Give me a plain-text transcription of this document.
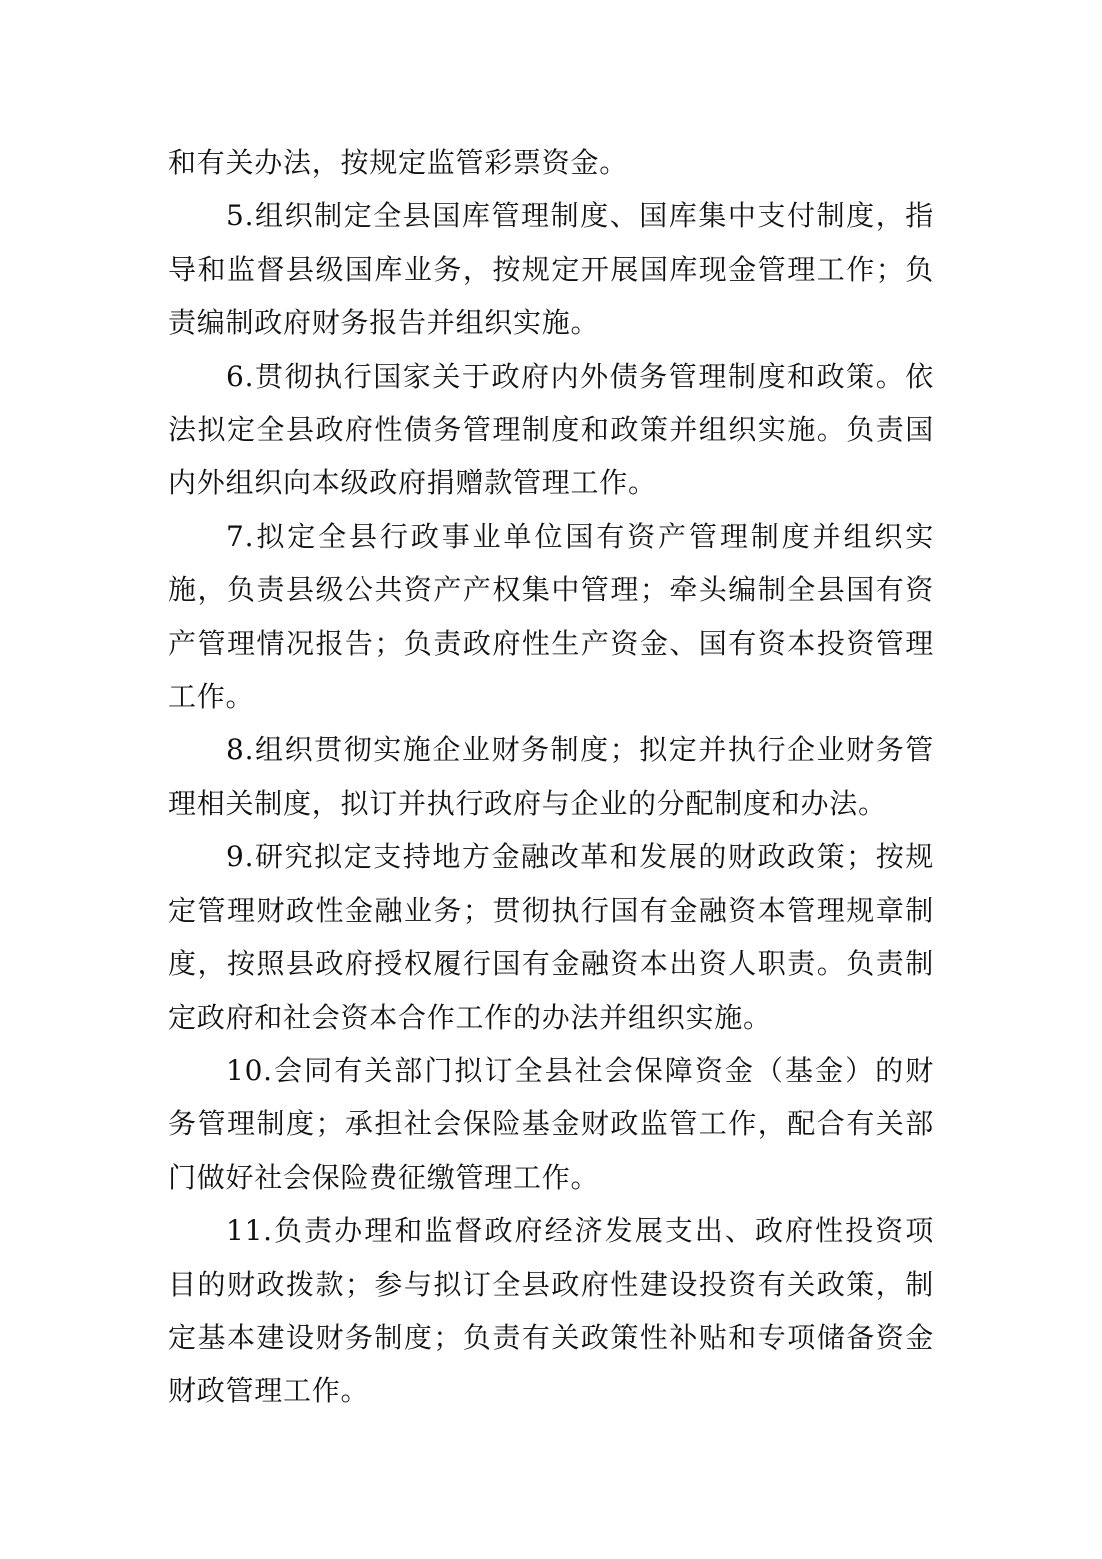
和有关办法，按规定监管彩票资金。

5.组织制定全县国库管理制度、国库集中支付制度，指导和监督县级国库业务，按规定开展国库现金管理工作；负责编制政府财务报告并组织实施。

6.贯彻执行国家关于政府内外债务管理制度和政策。依法拟定全县政府性债务管理制度和政策并组织实施。负责国内外组织向本级政府捐赠款管理工作。

7.拟定全县行政事业单位国有资产管理制度并组织实施，负责县级公共资产产权集中管理；牵头编制全县国有资产管理情况报告；负责政府性生产资金、国有资本投资管理工作。

8.组织贯彻实施企业财务制度；拟定并执行企业财务管理相关制度，拟订并执行政府与企业的分配制度和办法。

9.研究拟定支持地方金融改革和发展的财政政策；按规定管理财政性金融业务；贯彻执行国有金融资本管理规章制度，按照县政府授权履行国有金融资本出资人职责。负责制定政府和社会资本合作工作的办法并组织实施。

10.会同有关部门拟订全县社会保障资金（基金）的财务管理制度；承担社会保险基金财政监管工作，配合有关部门做好社会保险费征缴管理工作。

11.负责办理和监督政府经济发展支出、政府性投资项目的财政拨款；参与拟订全县政府性建设投资有关政策，制定基本建设财务制度；负责有关政策性补贴和专项储备资金财政管理工作。
